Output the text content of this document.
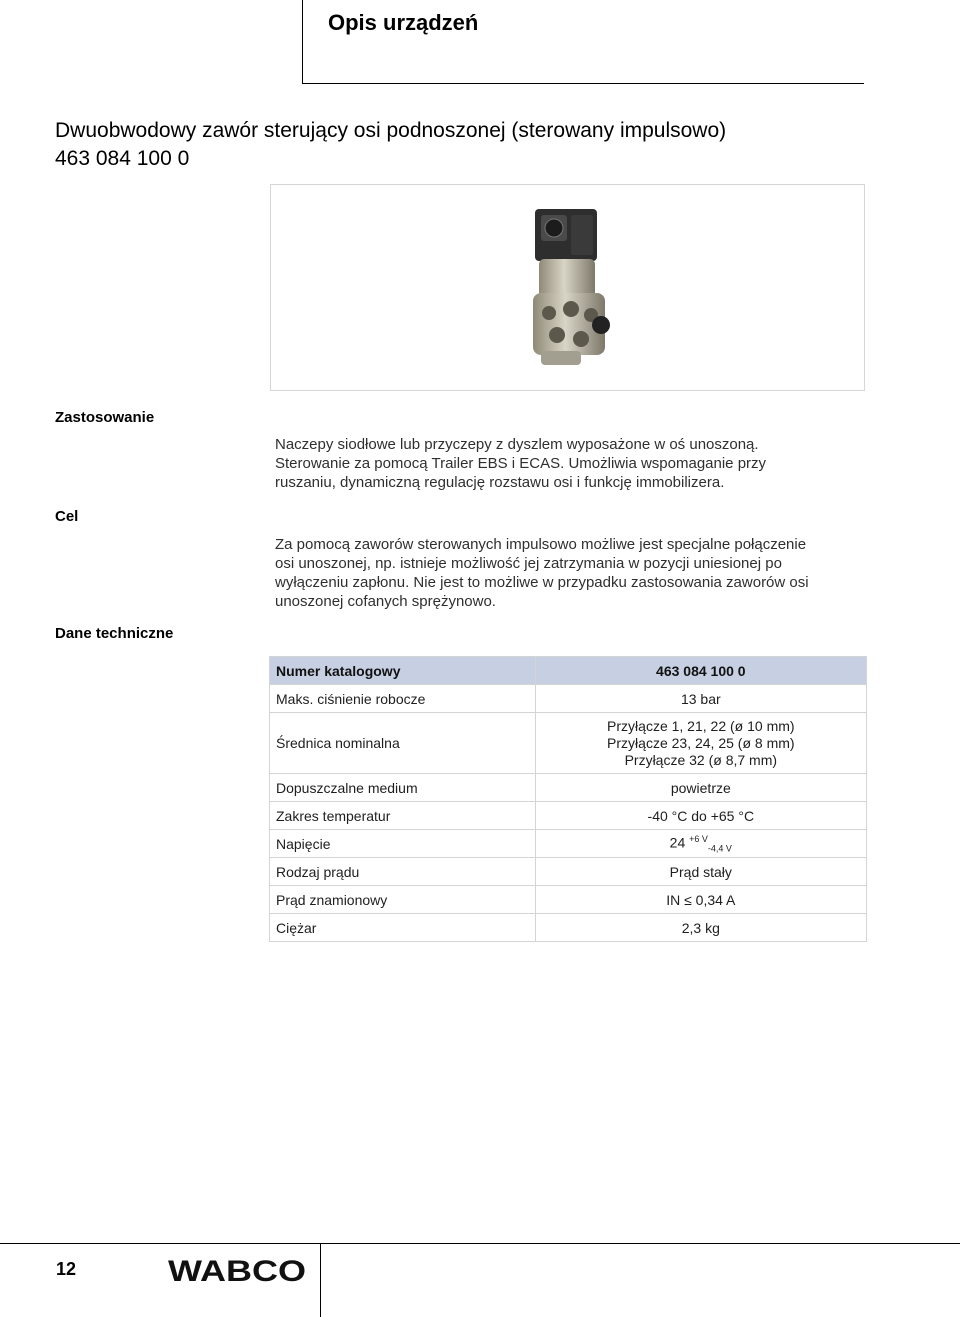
Opis urządzeń
Dwuobwodowy zawór sterujący osi podnoszonej (sterowany impulsowo)
463 084 100 0
Zastosowanie
Naczepy siodłowe lub przyczepy z dyszlem wyposażone w oś unoszoną.
Sterowanie za pomocą Trailer EBS i ECAS. Umożliwia wspomaganie przy
ruszaniu, dynamiczną regulację rozstawu osi i funkcję immobilizera.
Cel
Za pomocą zaworów sterowanych impulsowo możliwe jest specjalne połączenie
osi unoszonej, np. istnieje możliwość jej zatrzymania w pozycji uniesionej po
wyłączeniu zapłonu. Nie jest to możliwe w przypadku zastosowania zaworów osi
unoszonej cofanych sprężynowo.
Dane techniczne
Numer katalogowy	463 084 100 0
Maks. ciśnienie robocze	13 bar
Średnica nominalna	Przyłącze 1, 21, 22 (ø 10 mm)
Przyłącze 23, 24, 25 (ø 8 mm)
Przyłącze 32 (ø 8,7 mm)

Dopuszczalne medium	powietrze
Zakres temperatur	-40 °C do +65 °C
Napięcie	24 $^{+6 V}_{-4,4 V}$
Rodzaj prądu	Prąd stały
Prąd znamionowy	IN ≤ 0,34 A
Ciężar	2,3 kg
12	WABCO
